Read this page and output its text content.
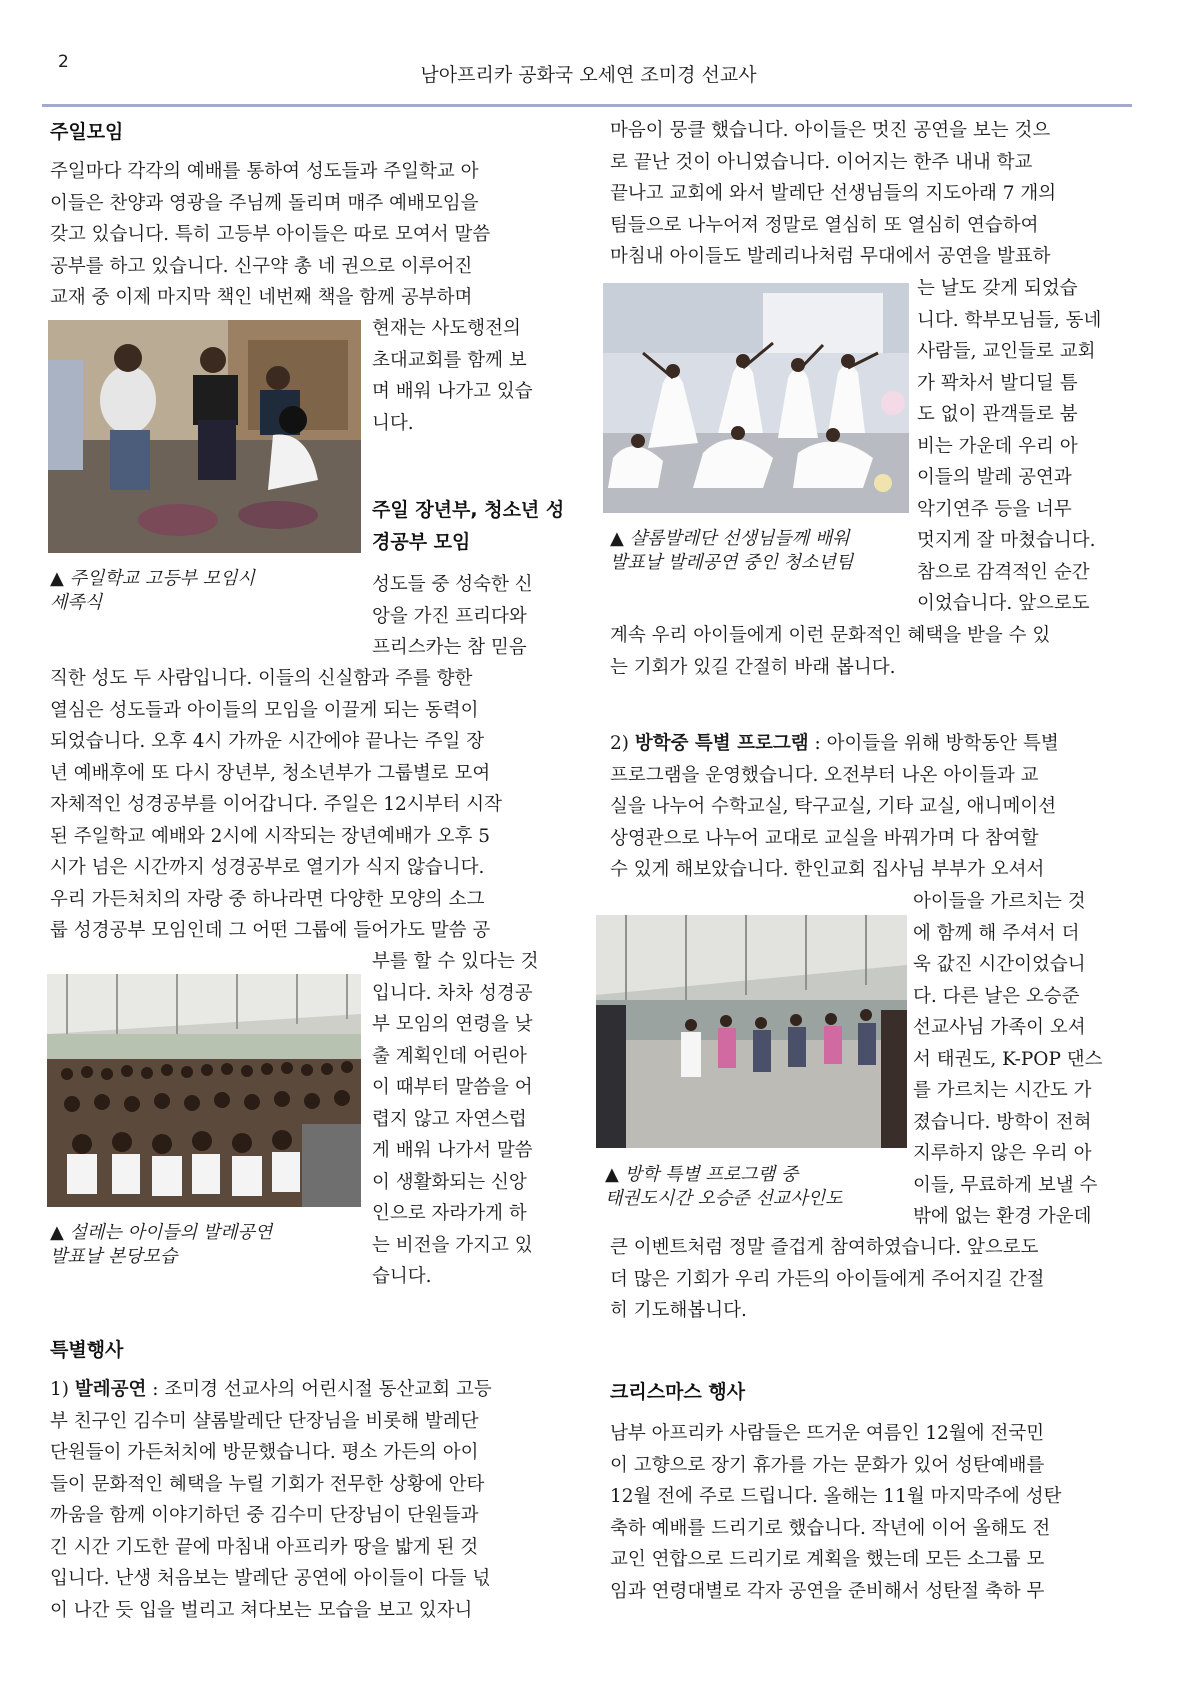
2
남아프리카 공화국 오세연 조미경 선교사
주일모임
주일마다 각각의 예배를 통하여 성도들과 주일학교 아
이들은 찬양과 영광을 주님께 돌리며 매주 예배모임을
갖고 있습니다. 특히 고등부 아이들은 따로 모여서 말씀
공부를 하고 있습니다. 신구약 총 네 권으로 이루어진
교재 중 이제 마지막 책인 네번째 책을 함께 공부하며
현재는 사도행전의
초대교회를 함께 보
며 배워 나가고 있습
니다.
▲ 주일학교 고등부 모임시
세족식
주일 장년부, 청소년 성
경공부 모임
성도들 중 성숙한 신
앙을 가진 프리다와
프리스카는 참 믿음
직한 성도 두 사람입니다. 이들의 신실함과 주를 향한
열심은 성도들과 아이들의 모임을 이끌게 되는 동력이
되었습니다. 오후 4시 가까운 시간에야 끝나는 주일 장
년 예배후에 또 다시 장년부, 청소년부가 그룹별로 모여
자체적인 성경공부를 이어갑니다. 주일은 12시부터 시작
된 주일학교 예배와 2시에 시작되는 장년예배가 오후 5
시가 넘은 시간까지 성경공부로 열기가 식지 않습니다.
우리 가든처치의 자랑 중 하나라면 다양한 모양의 소그
룹 성경공부 모임인데 그 어떤 그룹에 들어가도 말씀 공
부를 할 수 있다는 것
입니다. 차차 성경공
부 모임의 연령을 낮
출 계획인데 어린아
이 때부터 말씀을 어
렵지 않고 자연스럽
게 배워 나가서 말씀
이 생활화되는 신앙
인으로 자라가게 하
는 비전을 가지고 있
습니다.
▲ 설레는 아이들의 발레공연
발표날 본당모습
특별행사
1) 발레공연 : 조미경 선교사의 어린시절 동산교회 고등
부 친구인 김수미 샬롬발레단 단장님을 비롯해 발레단
단원들이 가든처치에 방문했습니다. 평소 가든의 아이
들이 문화적인 혜택을 누릴 기회가 전무한 상황에 안타
까움을 함께 이야기하던 중 김수미 단장님이 단원들과
긴 시간 기도한 끝에 마침내 아프리카 땅을 밟게 된 것
입니다. 난생 처음보는 발레단 공연에 아이들이 다들 넋
이 나간 듯 입을 벌리고 쳐다보는 모습을 보고 있자니
마음이 뭉클 했습니다. 아이들은 멋진 공연을 보는 것으
로 끝난 것이 아니였습니다. 이어지는 한주 내내 학교
끝나고 교회에 와서 발레단 선생님들의 지도아래 7 개의
팀들으로 나누어져 정말로 열심히 또 열심히 연습하여
마침내 아이들도 발레리나처럼 무대에서 공연을 발표하
는 날도 갖게 되었습
니다. 학부모님들, 동네
사람들, 교인들로 교회
가 꽉차서 발디딜 틈
도 없이 관객들로 붐
비는 가운데 우리 아
이들의 발레 공연과
악기연주 등을 너무
멋지게 잘 마쳤습니다.
참으로 감격적인 순간
이었습니다. 앞으로도
계속 우리 아이들에게 이런 문화적인 혜택을 받을 수 있
는 기회가 있길 간절히 바래 봅니다.
▲ 샬롬발레단 선생님들께 배워
발표날 발레공연 중인 청소년팀
2) 방학중 특별 프로그램 : 아이들을 위해 방학동안 특별
프로그램을 운영했습니다. 오전부터 나온 아이들과 교
실을 나누어 수학교실, 탁구교실, 기타 교실, 애니메이션
상영관으로 나누어 교대로 교실을 바꿔가며 다 참여할
수 있게 해보았습니다. 한인교회 집사님 부부가 오셔서
아이들을 가르치는 것
에 함께 해 주셔서 더
욱 값진 시간이었습니
다. 다른 날은 오승준
선교사님 가족이 오셔
서 태권도, K-POP 댄스
를 가르치는 시간도 가
졌습니다. 방학이 전혀
지루하지 않은 우리 아
이들, 무료하게 보낼 수
밖에 없는 환경 가운데
큰 이벤트처럼 정말 즐겁게 참여하였습니다. 앞으로도
더 많은 기회가 우리 가든의 아이들에게 주어지길 간절
히 기도해봅니다.
▲ 방학 특별 프로그램 중
태권도시간 오승준 선교사인도
크리스마스 행사
남부 아프리카 사람들은 뜨거운 여름인 12월에 전국민
이 고향으로 장기 휴가를 가는 문화가 있어 성탄예배를
12월 전에 주로 드립니다. 올해는 11월 마지막주에 성탄
축하 예배를 드리기로 했습니다. 작년에 이어 올해도 전
교인 연합으로 드리기로 계획을 했는데 모든 소그룹 모
임과 연령대별로 각자 공연을 준비해서 성탄절 축하 무
